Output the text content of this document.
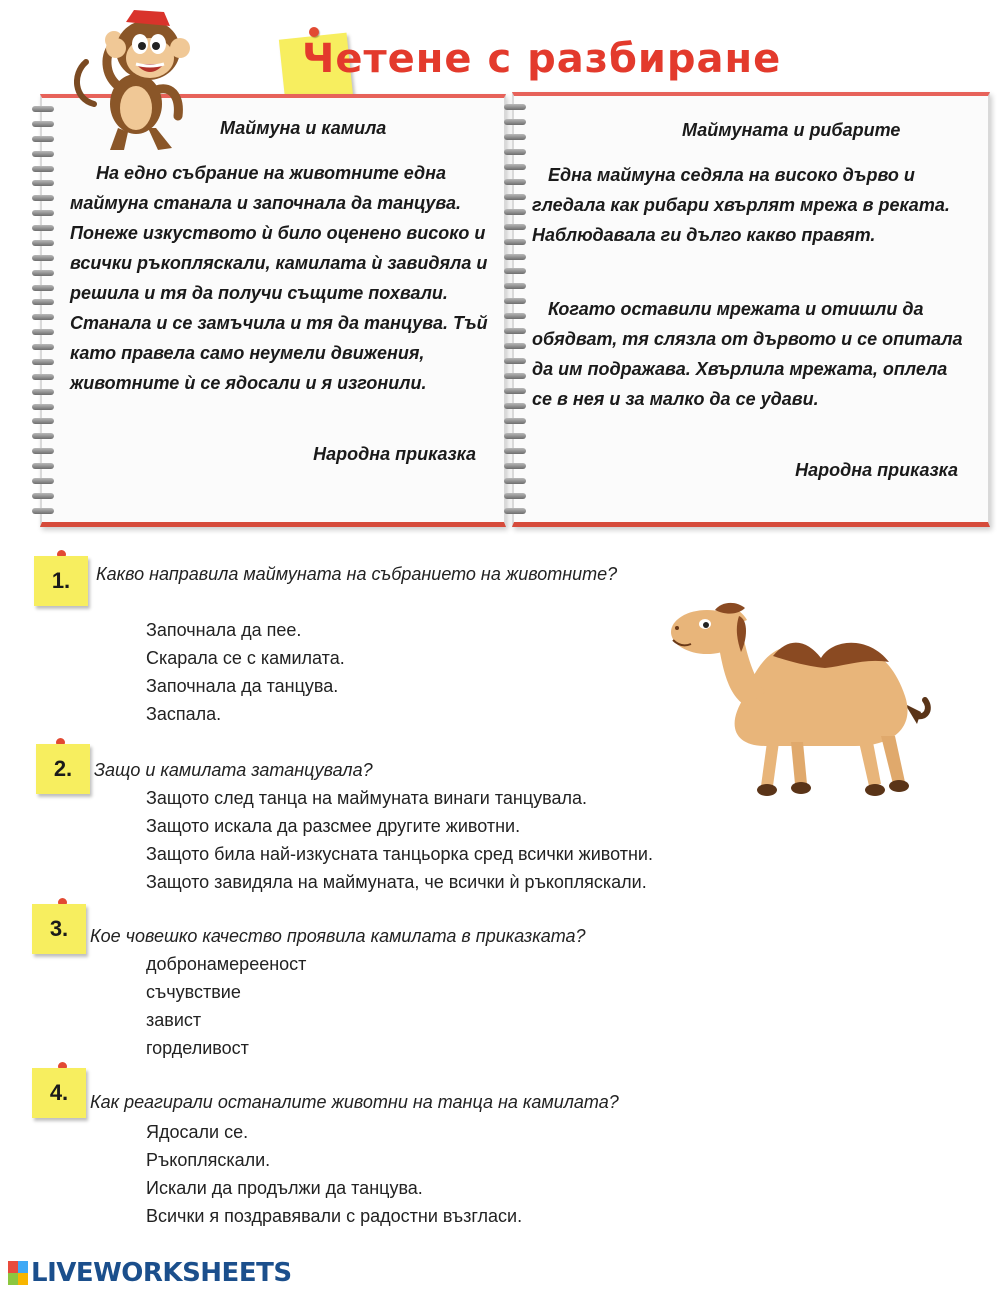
Четене с разбиране
Маймуна и камила

На едно събрание на животните една маймуна станала и започнала да танцува. Понеже изкуството ѝ било оценено високо и всички ръкопляскали, камилата ѝ завидяла и решила и тя да получи същите похвали. Станала и се замъчила и тя да танцува. Тъй като правела само неумели движения, животните ѝ се ядосали и я изгонили.

Народна приказка
Маймуната и рибарите

Една маймуна седяла на високо дърво и гледала как рибари хвърлят мрежа в реката. Наблюдавала ги дълго какво правят.

Когато оставили мрежата и отишли да обядват, тя слязла от дървото и се опитала да им подражава. Хвърлила мрежата, оплела се в нея и за малко да се удави.

Народна приказка
1.	Какво направила маймуната на събранието на животните?
Започнала да пее.
Скарала се с камилата.
Започнала да танцува.
Заспала.
2.	Защо и камилата затанцувала?
Защото след танца на маймуната винаги танцувала.
Защото искала да разсмее другите животни.
Защото била най-изкусната танцьорка сред всички животни.
Защото завидяла на маймуната, че всички ѝ ръкопляскали.
3.	Кое човешко качество проявила камилата в приказката?
добронамерееност
съчувствие
завист
горделивост
4.	Как реагирали останалите животни на танца на камилата?
Ядосали се.
Ръкопляскали.
Искали да продължи да танцува.
Всички я поздравявали с радостни възгласи.
LIVEWORKSHEETS
